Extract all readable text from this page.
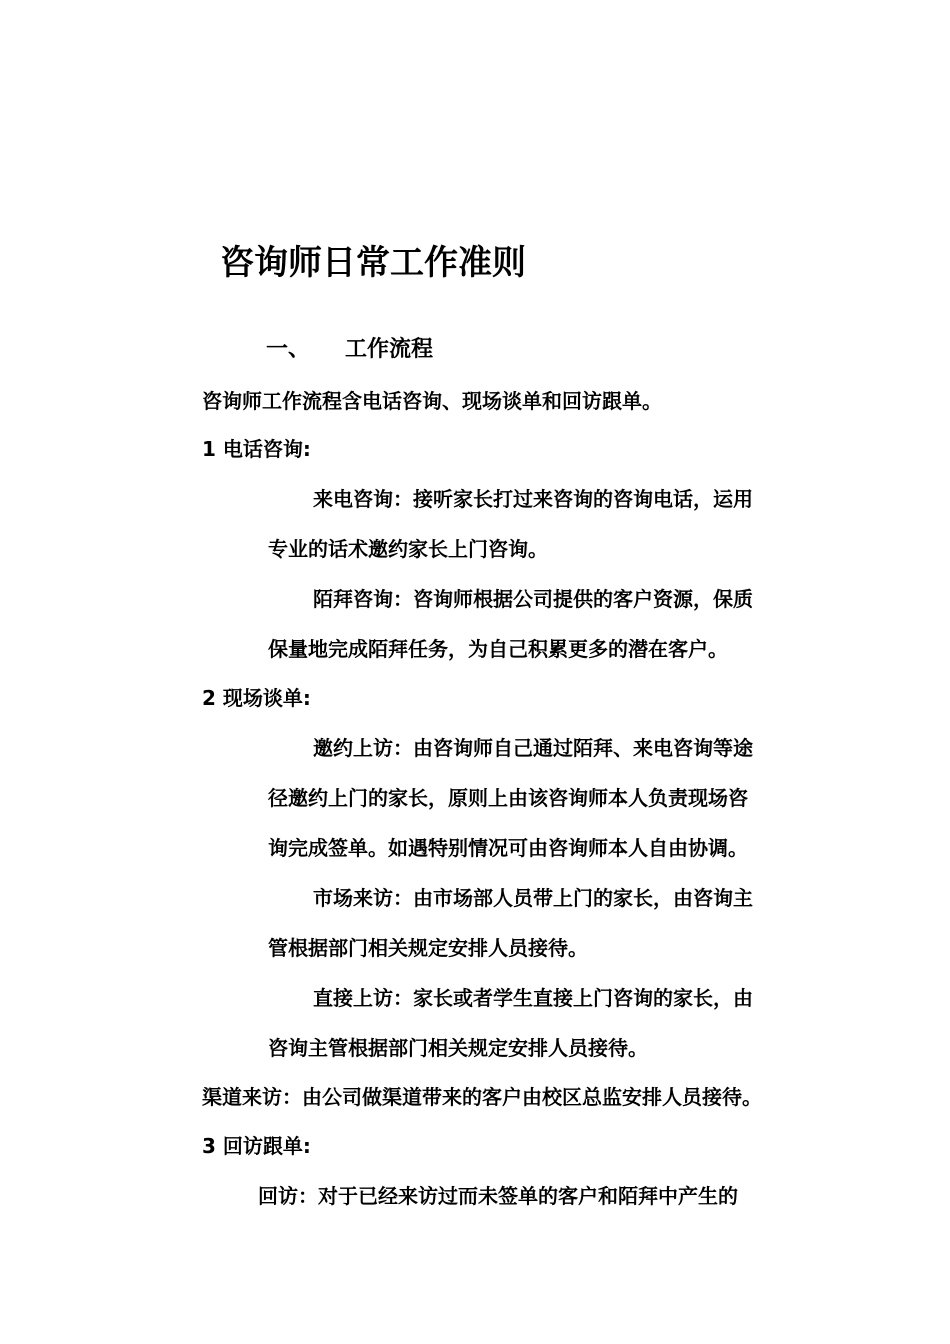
咨询师日常工作准则
一、 工作流程
咨询师工作流程含电话咨询、现场谈单和回访跟单。
1 电话咨询:
来电咨询：接听家长打过来咨询的咨询电话，运用
专业的话术邀约家长上门咨询。
陌拜咨询：咨询师根据公司提供的客户资源，保质
保量地完成陌拜任务，为自己积累更多的潜在客户。
2 现场谈单:
邀约上访：由咨询师自己通过陌拜、来电咨询等途
径邀约上门的家长，原则上由该咨询师本人负责现场咨
询完成签单。如遇特别情况可由咨询师本人自由协调。
市场来访：由市场部人员带上门的家长，由咨询主
管根据部门相关规定安排人员接待。
直接上访：家长或者学生直接上门咨询的家长，由
咨询主管根据部门相关规定安排人员接待。
渠道来访：由公司做渠道带来的客户由校区总监安排人员接待。
3 回访跟单:
回访：对于已经来访过而未签单的客户和陌拜中产生的
